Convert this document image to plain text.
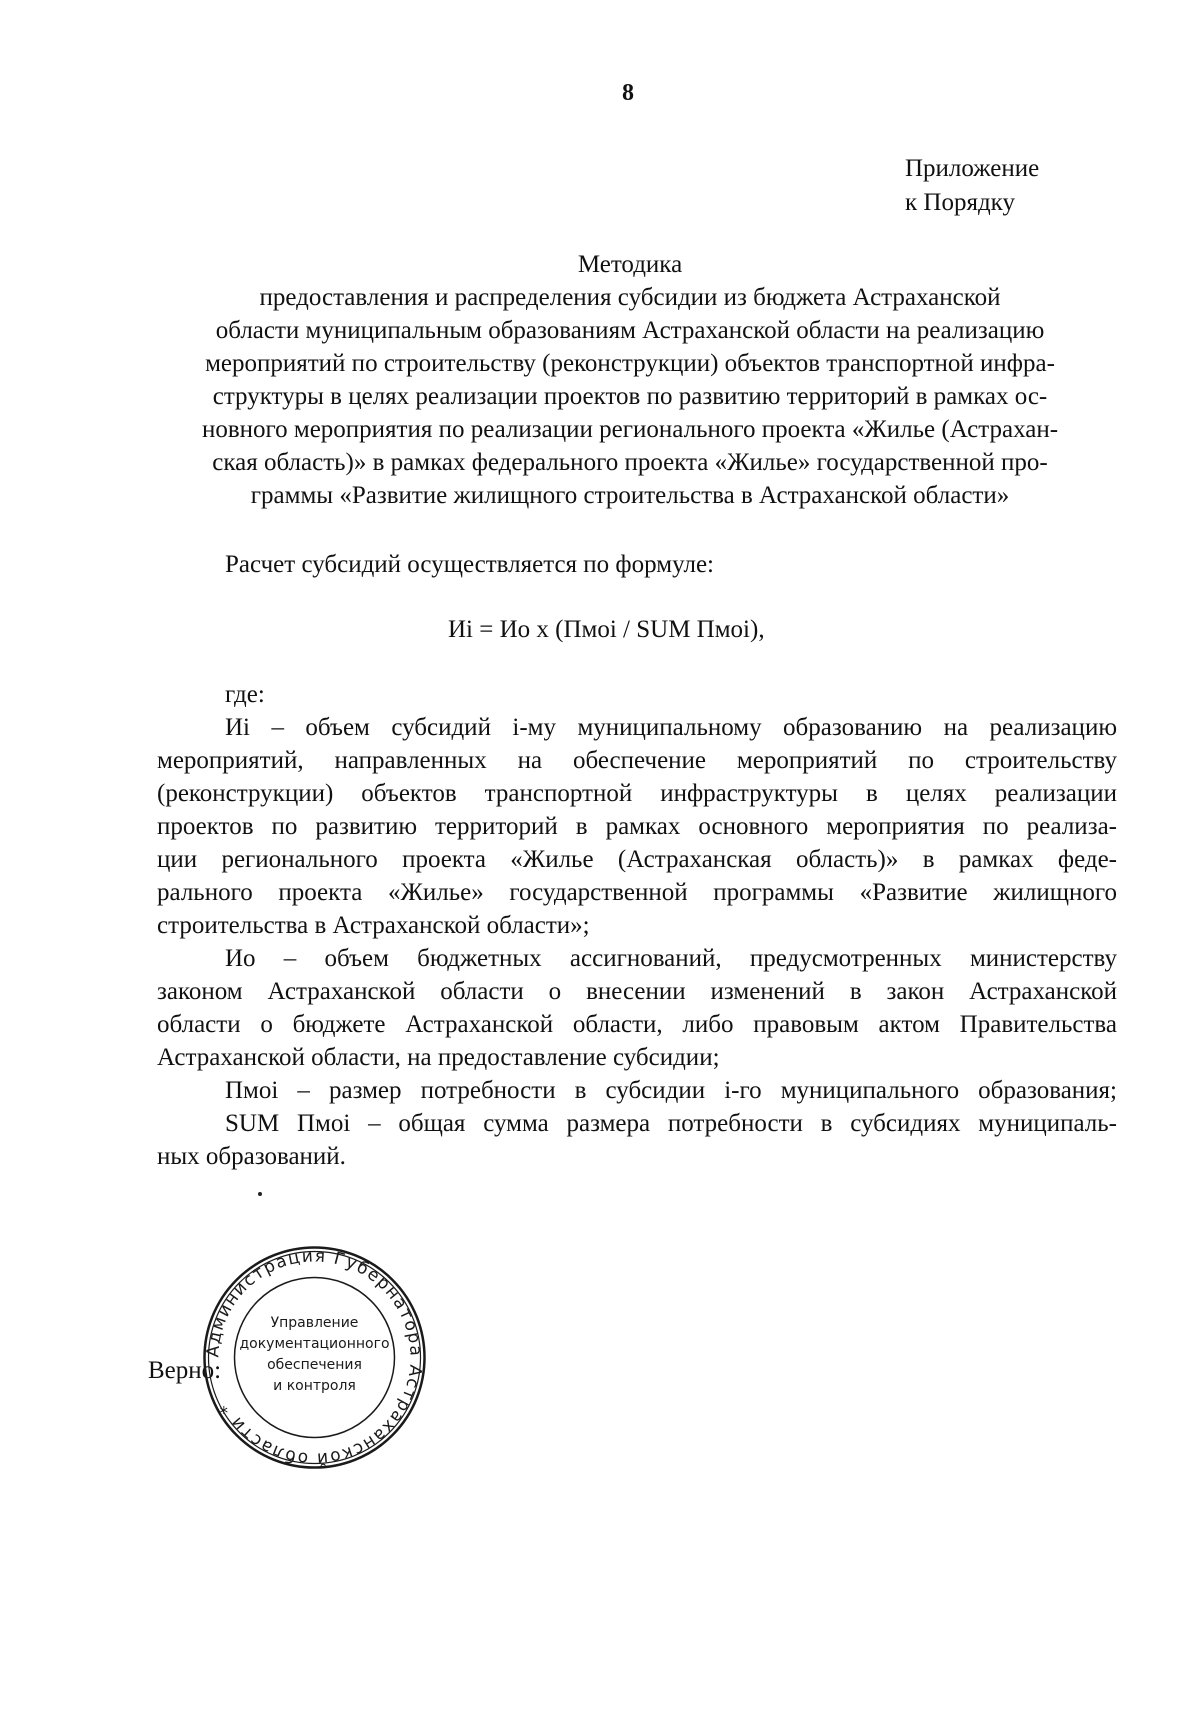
8
Приложение
к Порядку
Методика
предоставления и распределения субсидии из бюджета Астраханской
области муниципальным образованиям Астраханской области на реализацию
мероприятий по строительству (реконструкции) объектов транспортной инфра-
структуры в целях реализации проектов по развитию территорий в рамках ос-
новного мероприятия по реализации регионального проекта «Жилье (Астрахан-
ская область)» в рамках федерального проекта «Жилье» государственной про-
граммы «Развитие жилищного строительства в Астраханской области»
Расчет субсидий осуществляется по формуле:
Иi = Ио x (Пмоi / SUM Пмоi),
где:
Иi – объем субсидий i-му муниципальному образованию на реализацию
мероприятий, направленных на обеспечение мероприятий по строительству
(реконструкции) объектов транспортной инфраструктуры в целях реализации
проектов по развитию территорий в рамках основного мероприятия по реализа-
ции регионального проекта «Жилье (Астраханская область)» в рамках феде-
рального проекта «Жилье» государственной программы «Развитие жилищного
строительства в Астраханской области»;
Ио – объем бюджетных ассигнований, предусмотренных министерству
законом Астраханской области о внесении изменений в закон Астраханской
области о бюджете Астраханской области, либо правовым актом Правительства
Астраханской области, на предоставление субсидии;
Пмоi – размер потребности в субсидии i-го муниципального образования;
SUM Пмоi – общая сумма размера потребности в субсидиях муниципаль-
ных образований.
Верно:
Администрация Губернатора Астраханской области *
Управление
документационного
обеспечения
и контроля
